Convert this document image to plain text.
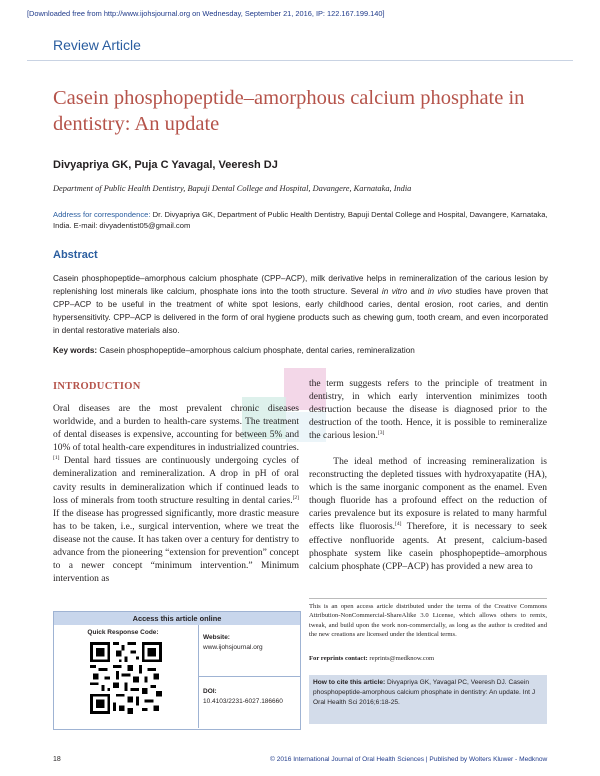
[Downloaded free from http://www.ijohsjournal.org on Wednesday, September 21, 2016, IP: 122.167.199.140]
Review Article
Casein phosphopeptide–amorphous calcium phosphate in dentistry: An update
Divyapriya GK, Puja C Yavagal, Veeresh DJ
Department of Public Health Dentistry, Bapuji Dental College and Hospital, Davangere, Karnataka, India
Address for correspondence: Dr. Divyapriya GK, Department of Public Health Dentistry, Bapuji Dental College and Hospital, Davangere, Karnataka, India. E-mail: divyadentist05@gmail.com
Abstract
Casein phosphopeptide–amorphous calcium phosphate (CPP–ACP), milk derivative helps in remineralization of the carious lesion by replenishing lost minerals like calcium, phosphate ions into the tooth structure. Several in vitro and in vivo studies have proven that CPP–ACP to be useful in the treatment of white spot lesions, early childhood caries, dental erosion, root caries, and dentin hypersensitivity. CPP–ACP is delivered in the form of oral hygiene products such as chewing gum, tooth cream, and even incorporated in dental restorative materials also.
Key words: Casein phosphopeptide–amorphous calcium phosphate, dental caries, remineralization
INTRODUCTION
Oral diseases are the most prevalent chronic diseases worldwide, and a burden to health-care systems. The treatment of dental diseases is expensive, accounting for between 5% and 10% of total health-care expenditures in industrialized countries.[1] Dental hard tissues are continuously undergoing cycles of demineralization and remineralization. A drop in pH of oral cavity results in demineralization which if continued leads to loss of minerals from tooth structure resulting in dental caries.[2] If the disease has progressed significantly, more drastic measure has to be taken, i.e., surgical intervention, where we treat the disease not the cause. It has taken over a century for dentistry to advance from the pioneering “extension for prevention” concept to a newer concept “minimum intervention.” Minimum intervention as
the term suggests refers to the principle of treatment in dentistry, in which early intervention minimizes tooth destruction because the disease is diagnosed prior to the destruction of the tooth. Hence, it is possible to remineralize the carious lesion.[3]
The ideal method of increasing remineralization is reconstructing the depleted tissues with hydroxyapatite (HA), which is the same inorganic component as the enamel. Even though fluoride has a profound effect on the reduction of caries prevalence but its exposure is related to many harmful effects like fluorosis.[4] Therefore, it is necessary to seek effective nonfluoride agents. At present, calcium-based phosphate system like casein phosphopeptide–amorphous calcium phosphate (CPP–ACP) has provided a new area to
Access this article online
Quick Response Code:
Website:
www.ijohsjournal.org
DOI:
10.4103/2231-6027.186660
This is an open access article distributed under the terms of the Creative Commons Attribution-NonCommercial-ShareAlike 3.0 License, which allows others to remix, tweak, and build upon the work non-commercially, as long as the author is credited and the new creations are licensed under the identical terms.
For reprints contact: reprints@medknow.com
How to cite this article: Divyapriya GK, Yavagal PC, Veeresh DJ. Casein phosphopeptide-amorphous calcium phosphate in dentistry: An update. Int J Oral Health Sci 2016;6:18-25.
18	© 2016 International Journal of Oral Health Sciences | Published by Wolters Kluwer - Medknow
